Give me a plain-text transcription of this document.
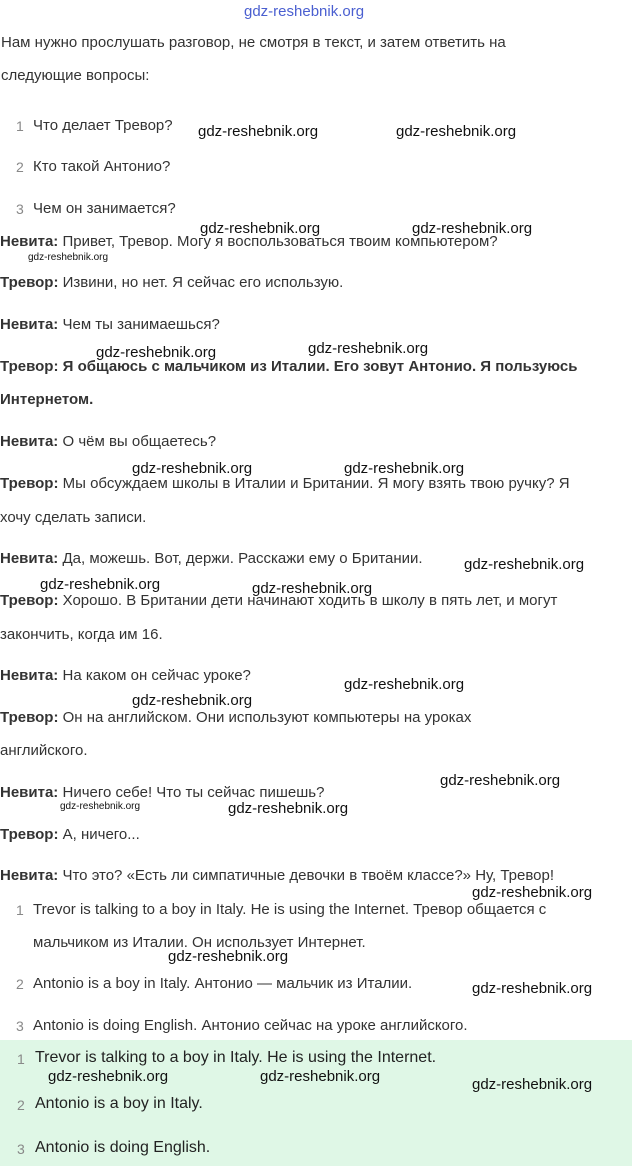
gdz-reshebnik.org
Нам нужно прослушать разговор, не смотря в текст, и затем ответить на
следующие вопросы:
1 Что делает Тревор?
2 Кто такой Антонио?
3 Чем он занимается?
Невита: Привет, Тревор. Могу я воспользоваться твоим компьютером?
Тревор: Извини, но нет. Я сейчас его использую.
Невита: Чем ты занимаешься?
Тревор: Я общаюсь с мальчиком из Италии. Его зовут Антонио. Я пользуюсь
Интернетом.
Невита: О чём вы общаетесь?
Тревор: Мы обсуждаем школы в Италии и Британии. Я могу взять твою ручку? Я
хочу сделать записи.
Невита: Да, можешь. Вот, держи. Расскажи ему о Британии.
Тревор: Хорошо. В Британии дети начинают ходить в школу в пять лет, и могут
закончить, когда им 16.
Невита: На каком он сейчас уроке?
Тревор: Он на английском. Они используют компьютеры на уроках
английского.
Невита: Ничего себе! Что ты сейчас пишешь?
Тревор: А, ничего...
Невита: Что это? «Есть ли симпатичные девочки в твоём классе?» Ну, Тревор!
1 Trevor is talking to a boy in Italy. He is using the Internet. Тревор общается с
мальчиком из Италии. Он использует Интернет.
2 Antonio is a boy in Italy. Антонио — мальчик из Италии.
3 Antonio is doing English. Антонио сейчас на уроке английского.
1 Trevor is talking to a boy in Italy. He is using the Internet.
2 Antonio is a boy in Italy.
3 Antonio is doing English.
gdz-reshebnik.org	gdz-reshebnik.org
gdz-reshebnik.org	gdz-reshebnik.org
gdz-reshebnik.org
gdz-reshebnik.org	gdz-reshebnik.org
gdz-reshebnik.org	gdz-reshebnik.org
gdz-reshebnik.org
gdz-reshebnik.org	gdz-reshebnik.org
gdz-reshebnik.org
gdz-reshebnik.org
gdz-reshebnik.org
gdz-reshebnik.org	gdz-reshebnik.org
gdz-reshebnik.org
gdz-reshebnik.org
gdz-reshebnik.org
gdz-reshebnik.org	gdz-reshebnik.org	gdz-reshebnik.org
